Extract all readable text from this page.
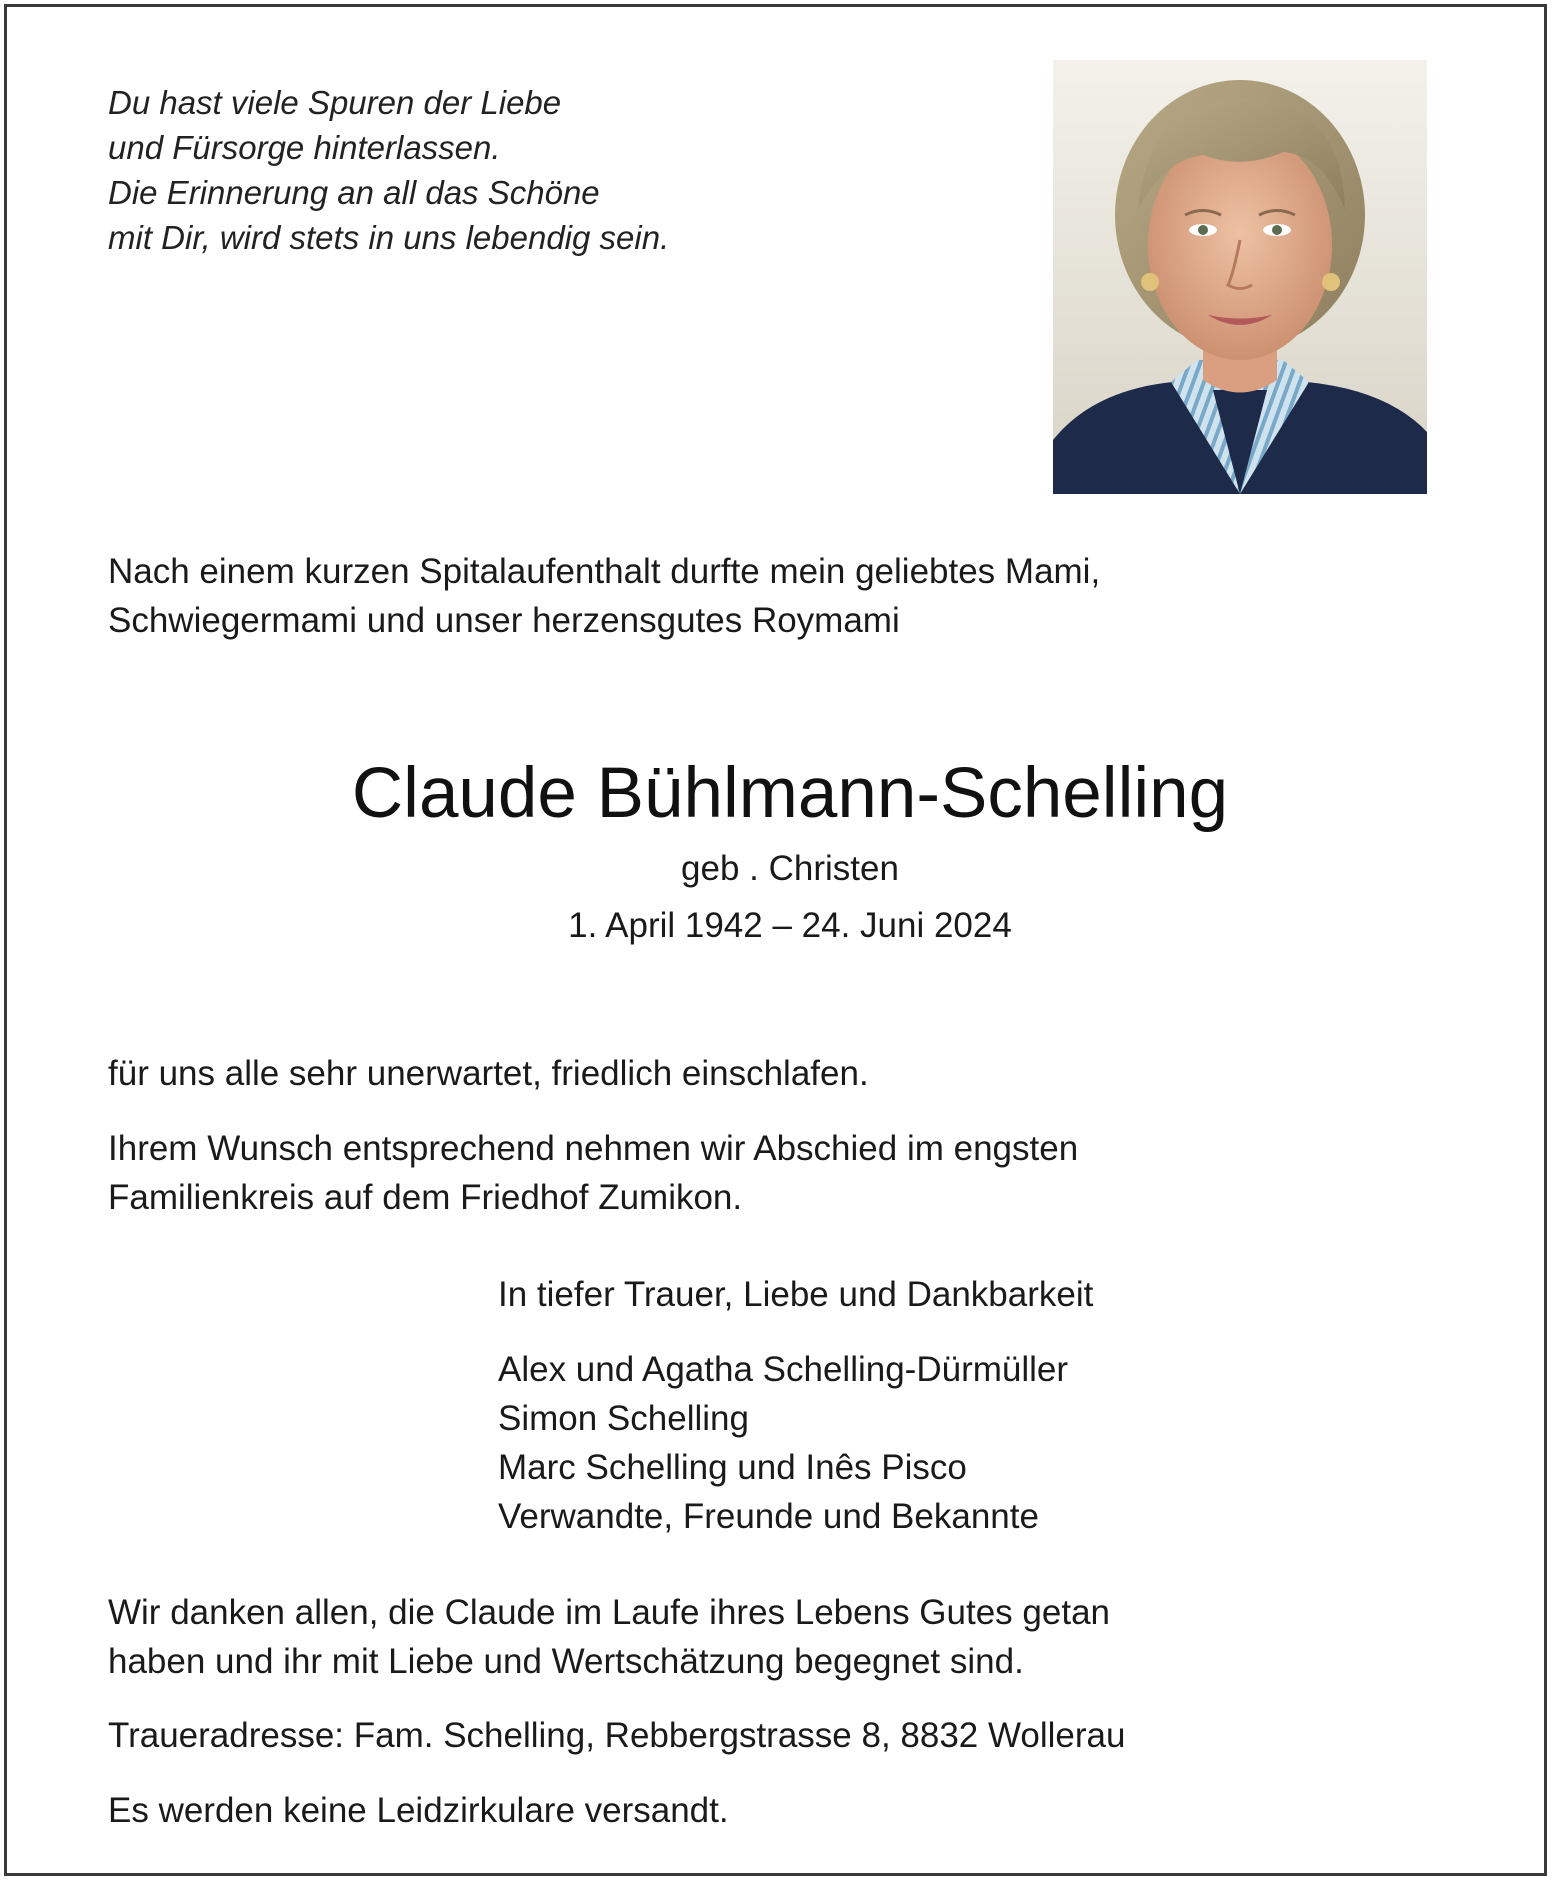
Du hast viele Spuren der Liebe
und Fürsorge hinterlassen.
Die Erinnerung an all das Schöne
mit Dir, wird stets in uns lebendig sein.
Nach einem kurzen Spitalaufenthalt durfte mein geliebtes Mami,
Schwiegermami und unser herzensgutes Roymami
Claude Bühlmann-Schelling
geb . Christen
1. April 1942 – 24. Juni 2024
für uns alle sehr unerwartet, friedlich einschlafen.
Ihrem Wunsch entsprechend nehmen wir Abschied im engsten
Familienkreis auf dem Friedhof Zumikon.
In tiefer Trauer, Liebe und Dankbarkeit
Alex und Agatha Schelling-Dürmüller
Simon Schelling
Marc Schelling und Inês Pisco
Verwandte, Freunde und Bekannte
Wir danken allen, die Claude im Laufe ihres Lebens Gutes getan
haben und ihr mit Liebe und Wertschätzung begegnet sind.
Traueradresse: Fam. Schelling, Rebbergstrasse 8, 8832 Wollerau
Es werden keine Leidzirkulare versandt.
